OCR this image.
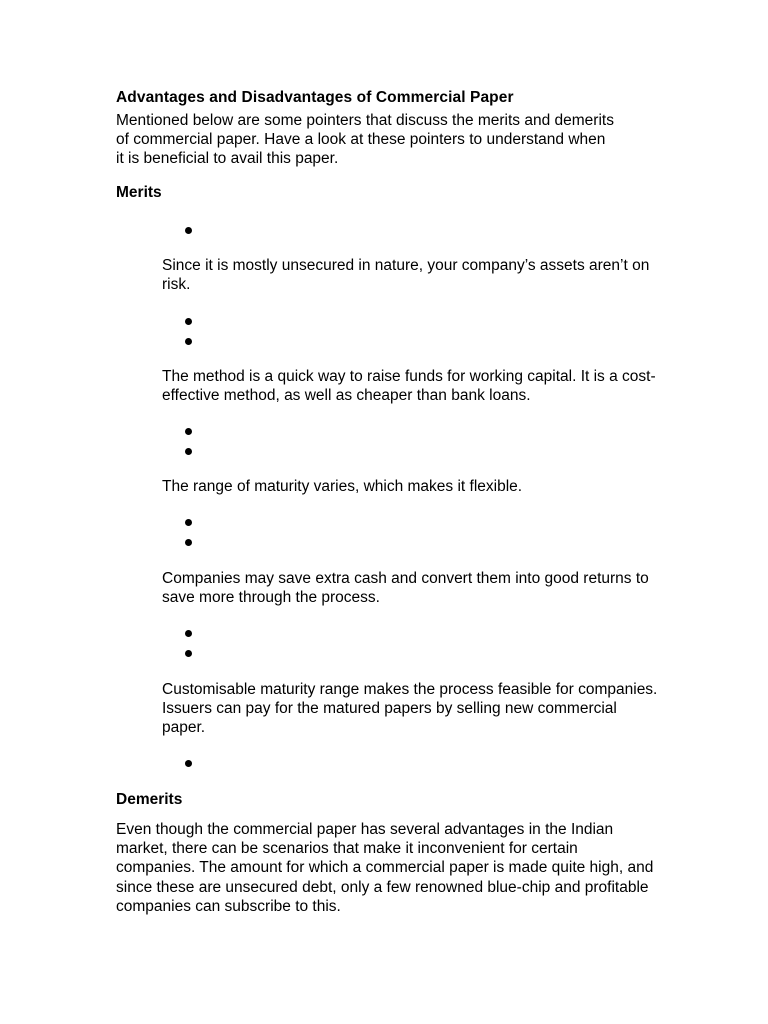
Advantages and Disadvantages of Commercial Paper
Mentioned below are some pointers that discuss the merits and demerits of commercial paper. Have a look at these pointers to understand when it is beneficial to avail this paper.
Merits
Since it is mostly unsecured in nature, your company’s assets aren’t on risk.
The method is a quick way to raise funds for working capital. It is a cost-effective method, as well as cheaper than bank loans.
The range of maturity varies, which makes it flexible.
Companies may save extra cash and convert them into good returns to save more through the process.
Customisable maturity range makes the process feasible for companies. Issuers can pay for the matured papers by selling new commercial paper.
Demerits
Even though the commercial paper has several advantages in the Indian market, there can be scenarios that make it inconvenient for certain companies. The amount for which a commercial paper is made quite high, and since these are unsecured debt, only a few renowned blue-chip and profitable companies can subscribe to this.
